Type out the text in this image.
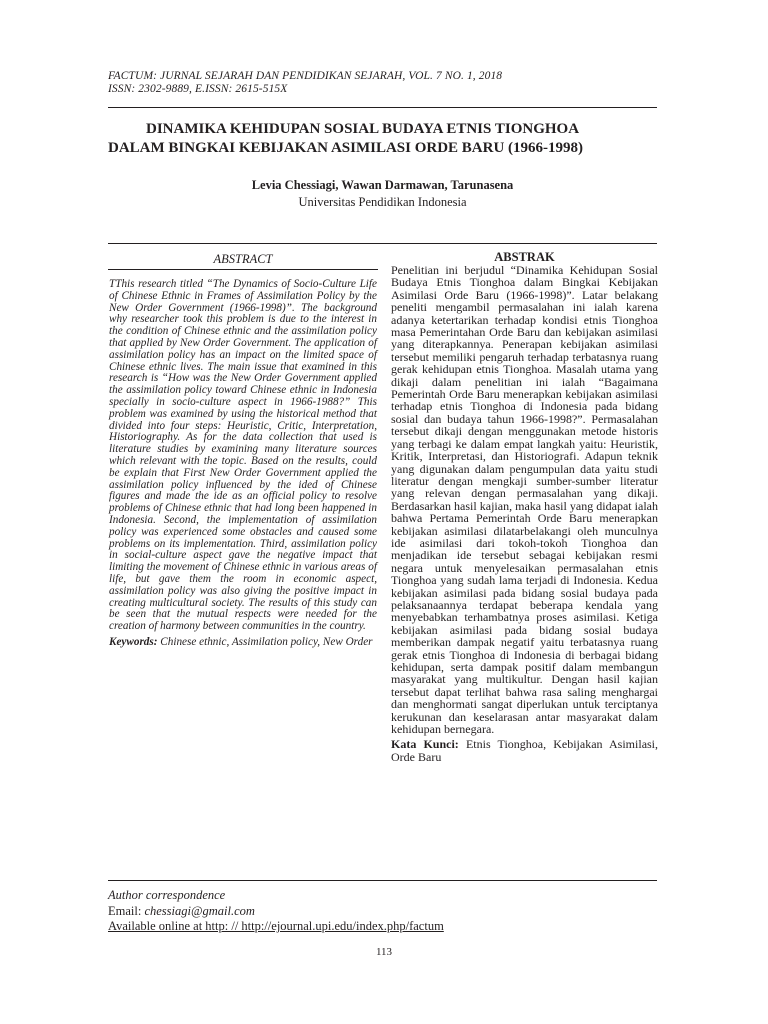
FACTUM: JURNAL SEJARAH DAN PENDIDIKAN SEJARAH, VOL. 7 NO. 1, 2018
ISSN: 2302-9889, E.ISSN: 2615-515X
DINAMIKA KEHIDUPAN SOSIAL BUDAYA ETNIS TIONGHOA
DALAM BINGKAI KEBIJAKAN ASIMILASI ORDE BARU (1966-1998)
Levia Chessiagi, Wawan Darmawan, Tarunasena
Universitas Pendidikan Indonesia
ABSTRACT	ABSTRAK
TThis research titled “The Dynamics of Socio-Culture Life of Chinese Ethnic in Frames of Assimilation Policy by the New Order Government (1966-1998)”. The background why researcher took this problem is due to the interest in the condition of Chinese ethnic and the assimilation policy that applied by New Order Government. The application of assimilation policy has an impact on the limited space of Chinese ethnic lives. The main issue that examined in this research is “How was the New Order Government applied the assimilation policy toward Chinese ethnic in Indonesia specially in socio-culture aspect in 1966-1988?” This problem was examined by using the historical method that divided into four steps: Heuristic, Critic, Interpretation, Historiography. As for the data collection that used is literature studies by examining many literature sources which relevant with the topic. Based on the results, could be explain that First New Order Government applied the assimilation policy influenced by the ided of Chinese figures and made the ide as an official policy to resolve problems of Chinese ethnic that had long been happened in Indonesia. Second, the implementation of assimilation policy was experienced some obstacles and caused some problems on its implementation. Third, assimilation policy in social-culture aspect gave the negative impact that limiting the movement of Chinese ethnic in various areas of life, but gave them the room in economic aspect, assimilation policy was also giving the positive impact in creating multicultural society. The results of this study can be seen that the mutual respects were needed for the creation of harmony between communities in the country.
Keywords: Chinese ethnic, Assimilation policy, New Order
Penelitian ini berjudul “Dinamika Kehidupan Sosial Budaya Etnis Tionghoa dalam Bingkai Kebijakan Asimilasi Orde Baru (1966-1998)”. Latar belakang peneliti mengambil permasalahan ini ialah karena adanya ketertarikan terhadap kondisi etnis Tionghoa masa Pemerintahan Orde Baru dan kebijakan asimilasi yang diterapkannya. Penerapan kebijakan asimilasi tersebut memiliki pengaruh terhadap terbatasnya ruang gerak kehidupan etnis Tionghoa. Masalah utama yang dikaji dalam penelitian ini ialah “Bagaimana Pemerintah Orde Baru menerapkan kebijakan asimilasi terhadap etnis Tionghoa di Indonesia pada bidang sosial dan budaya tahun 1966-1998?”. Permasalahan tersebut dikaji dengan menggunakan metode historis yang terbagi ke dalam empat langkah yaitu: Heuristik, Kritik, Interpretasi, dan Historiografi. Adapun teknik yang digunakan dalam pengumpulan data yaitu studi literatur dengan mengkaji sumber-sumber literatur yang relevan dengan permasalahan yang dikaji. Berdasarkan hasil kajian, maka hasil yang didapat ialah bahwa Pertama Pemerintah Orde Baru menerapkan kebijakan asimilasi dilatarbelakangi oleh munculnya ide asimilasi dari tokoh-tokoh Tionghoa dan menjadikan ide tersebut sebagai kebijakan resmi negara untuk menyelesaikan permasalahan etnis Tionghoa yang sudah lama terjadi di Indonesia. Kedua kebijakan asimilasi pada bidang sosial budaya pada pelaksanaannya terdapat beberapa kendala yang menyebabkan terhambatnya proses asimilasi. Ketiga kebijakan asimilasi pada bidang sosial budaya memberikan dampak negatif yaitu terbatasnya ruang gerak etnis Tionghoa di Indonesia di berbagai bidang kehidupan, serta dampak positif dalam membangun masyarakat yang multikultur. Dengan hasil kajian tersebut dapat terlihat bahwa rasa saling menghargai dan menghormati sangat diperlukan untuk terciptanya kerukunan dan keselarasan antar masyarakat dalam kehidupan bernegara.
Kata Kunci: Etnis Tionghoa, Kebijakan Asimilasi, Orde Baru
Author correspondence
Email: chessiagi@gmail.com
Available online at http: // http://ejournal.upi.edu/index.php/factum
113
